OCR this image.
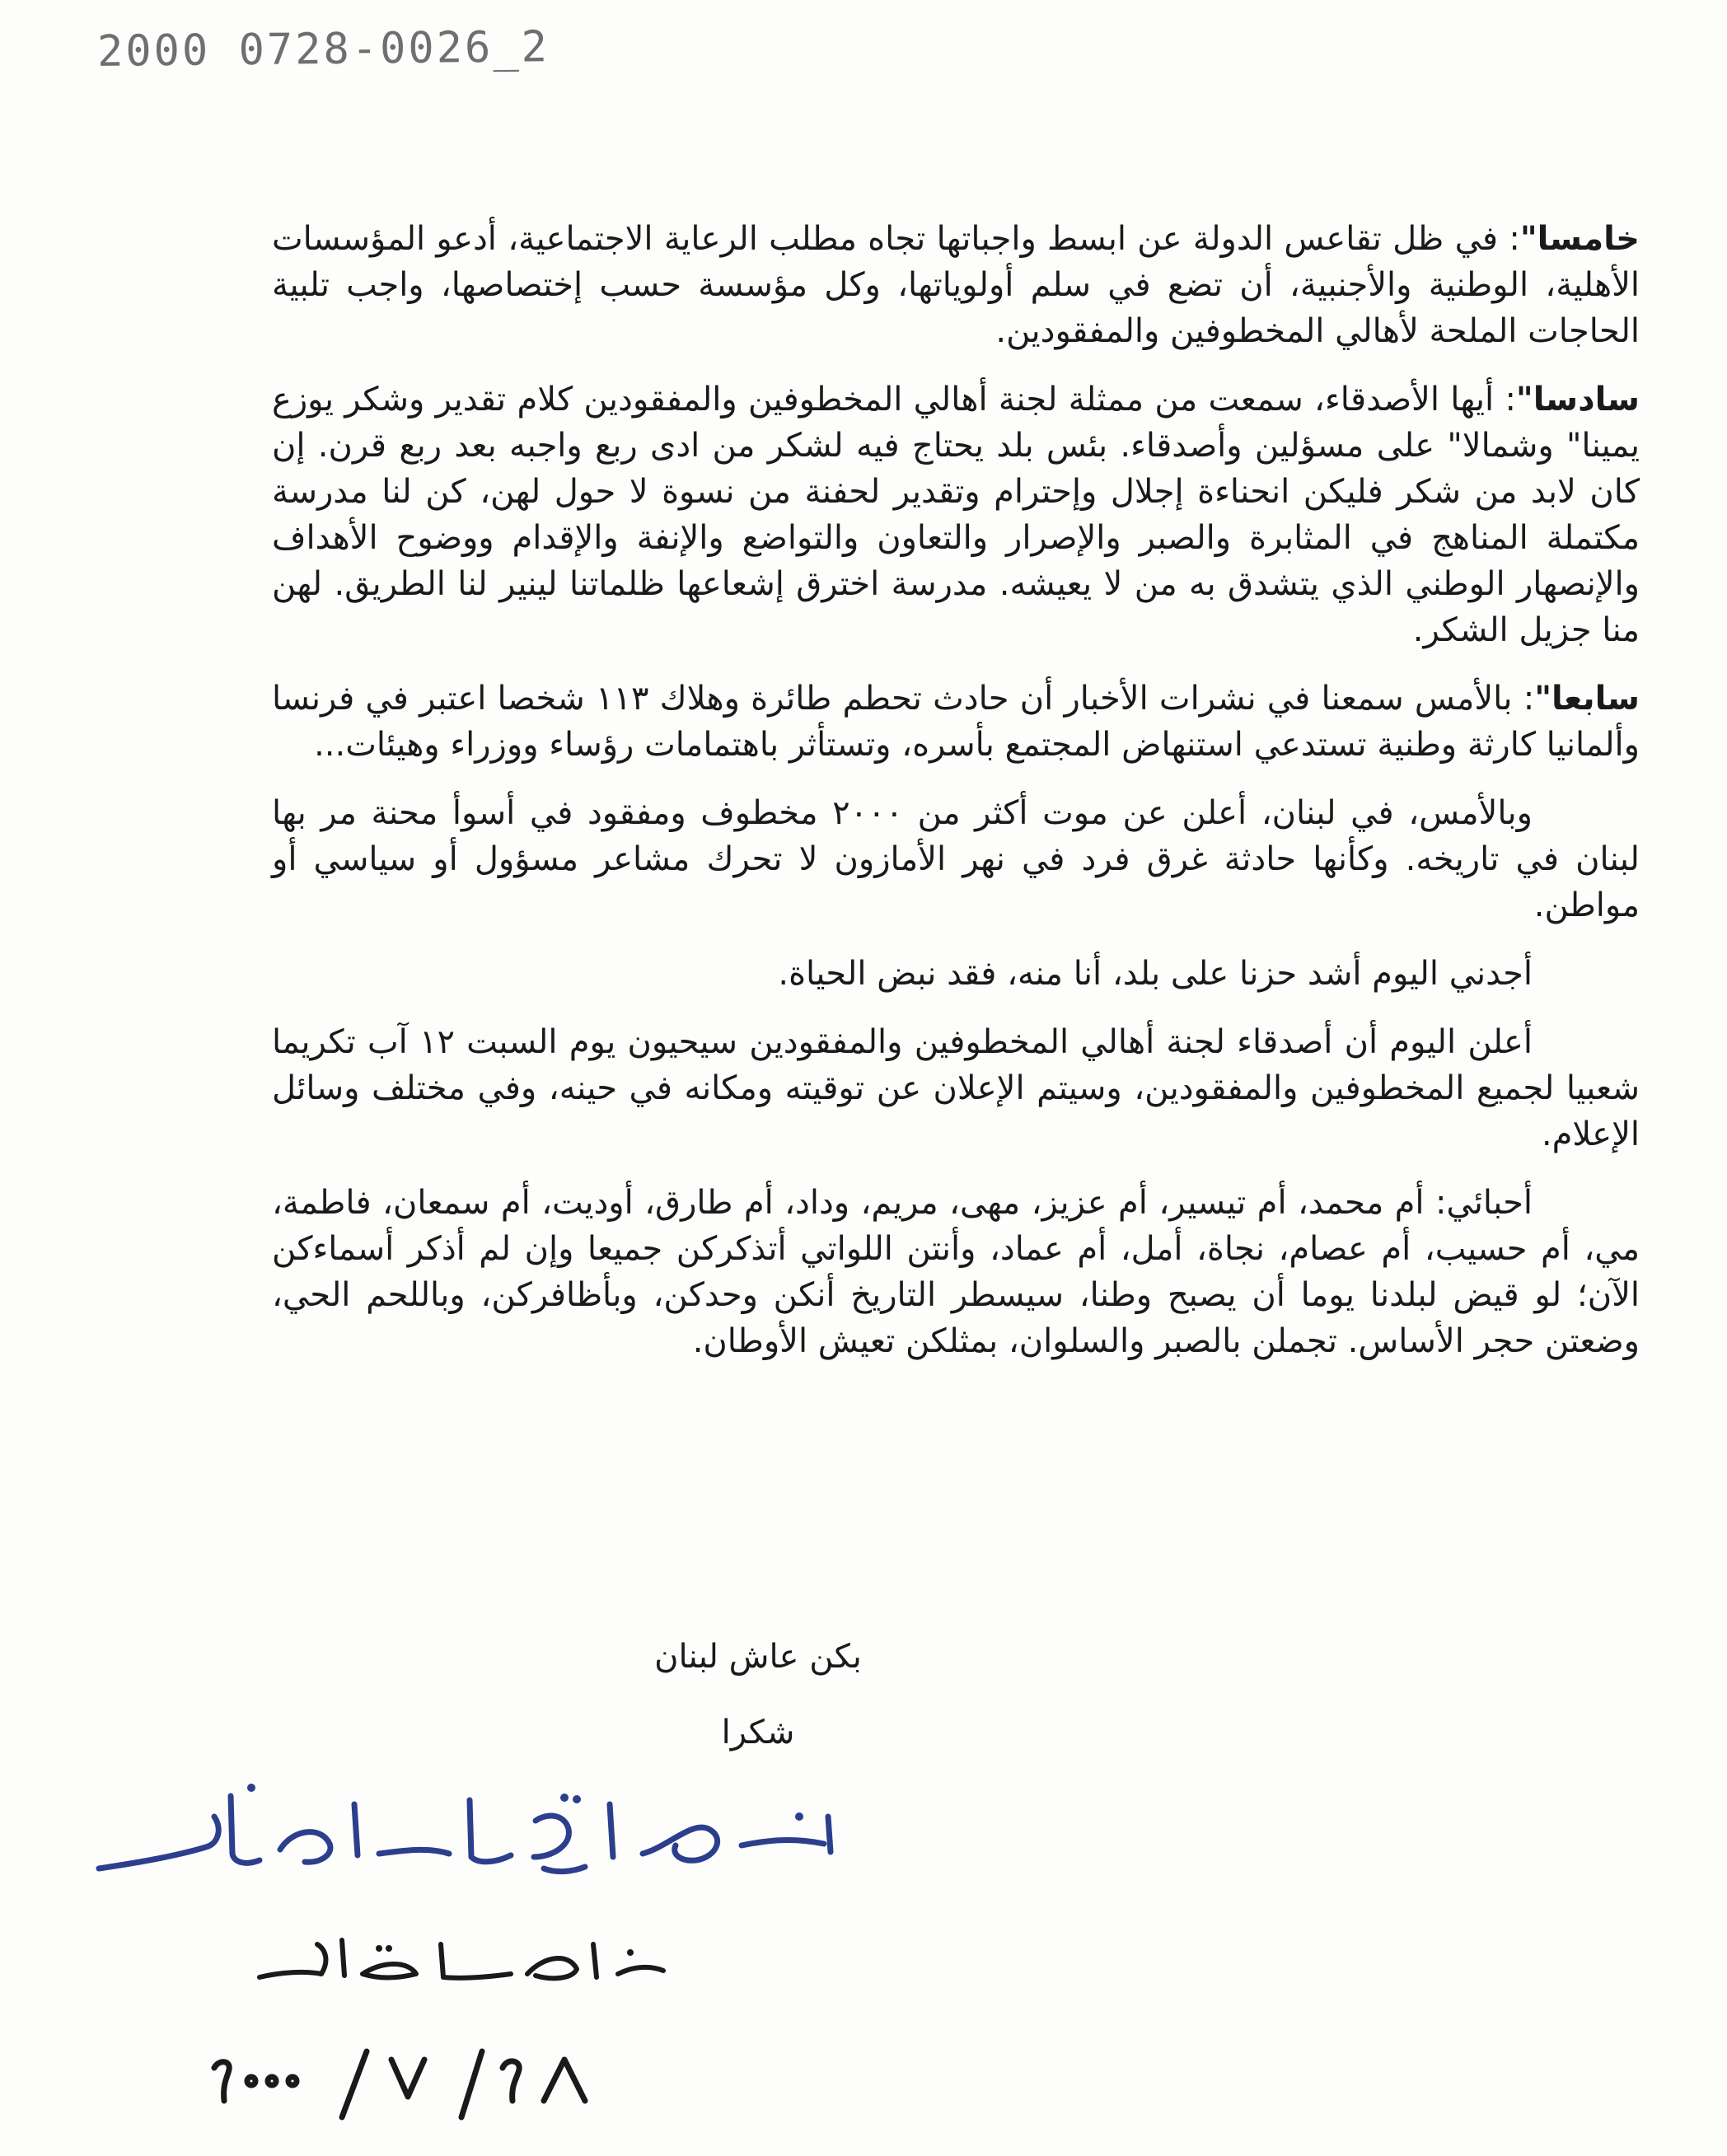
2000 0728-0026_2

خامسا": في ظل تقاعس الدولة عن ابسط واجباتها تجاه مطلب الرعاية الاجتماعية، أدعو المؤسسات الأهلية، الوطنية والأجنبية، أن تضع في سلم أولوياتها، وكل مؤسسة حسب إختصاصها، واجب تلبية الحاجات الملحة لأهالي المخطوفين والمفقودين.

سادسا": أيها الأصدقاء، سمعت من ممثلة لجنة أهالي المخطوفين والمفقودين كلام تقدير وشكر يوزع يمينا" وشمالا" على مسؤلين وأصدقاء. بئس بلد يحتاج فيه لشكر من ادى ربع واجبه بعد ربع قرن. إن كان لابد من شكر فليكن انحناءة إجلال وإحترام وتقدير لحفنة من نسوة لا حول لهن، كن لنا مدرسة مكتملة المناهج في المثابرة والصبر والإصرار والتعاون والتواضع والإنفة والإقدام ووضوح الأهداف والإنصهار الوطني الذي يتشدق به من لا يعيشه. مدرسة اخترق إشعاعها ظلماتنا لينير لنا الطريق. لهن منا جزيل الشكر.

سابعا": بالأمس سمعنا في نشرات الأخبار أن حادث تحطم طائرة وهلاك ١١٣ شخصا اعتبر في فرنسا وألمانيا كارثة وطنية تستدعي استنهاض المجتمع بأسره، وتستأثر باهتمامات رؤساء ووزراء وهيئات...

وبالأمس، في لبنان، أعلن عن موت أكثر من ٢٠٠٠ مخطوف ومفقود في أسوأ محنة مر بها لبنان في تاريخه. وكأنها حادثة غرق فرد في نهر الأمازون لا تحرك مشاعر مسؤول أو سياسي أو مواطن.

أجدني اليوم أشد حزنا على بلد، أنا منه، فقد نبض الحياة.

أعلن اليوم أن أصدقاء لجنة أهالي المخطوفين والمفقودين سيحيون يوم السبت ١٢ آب تكريما شعبيا لجميع المخطوفين والمفقودين، وسيتم الإعلان عن توقيته ومكانه في حينه، وفي مختلف وسائل الإعلام.

أحبائي: أم محمد، أم تيسير، أم عزيز، مهى، مريم، وداد، أم طارق، أوديت، أم سمعان، فاطمة، مي، أم حسيب، أم عصام، نجاة، أمل، أم عماد، وأنتن اللواتي أتذكركن جميعا وإن لم أذكر أسماءكن الآن؛ لو قيض لبلدنا يوما أن يصبح وطنا، سيسطر التاريخ أنكن وحدكن، وبأظافركن، وباللحم الحي، وضعتن حجر الأساس. تجملن بالصبر والسلوان، بمثلكن تعيش الأوطان.

بكن عاش لبنان
شكرا
